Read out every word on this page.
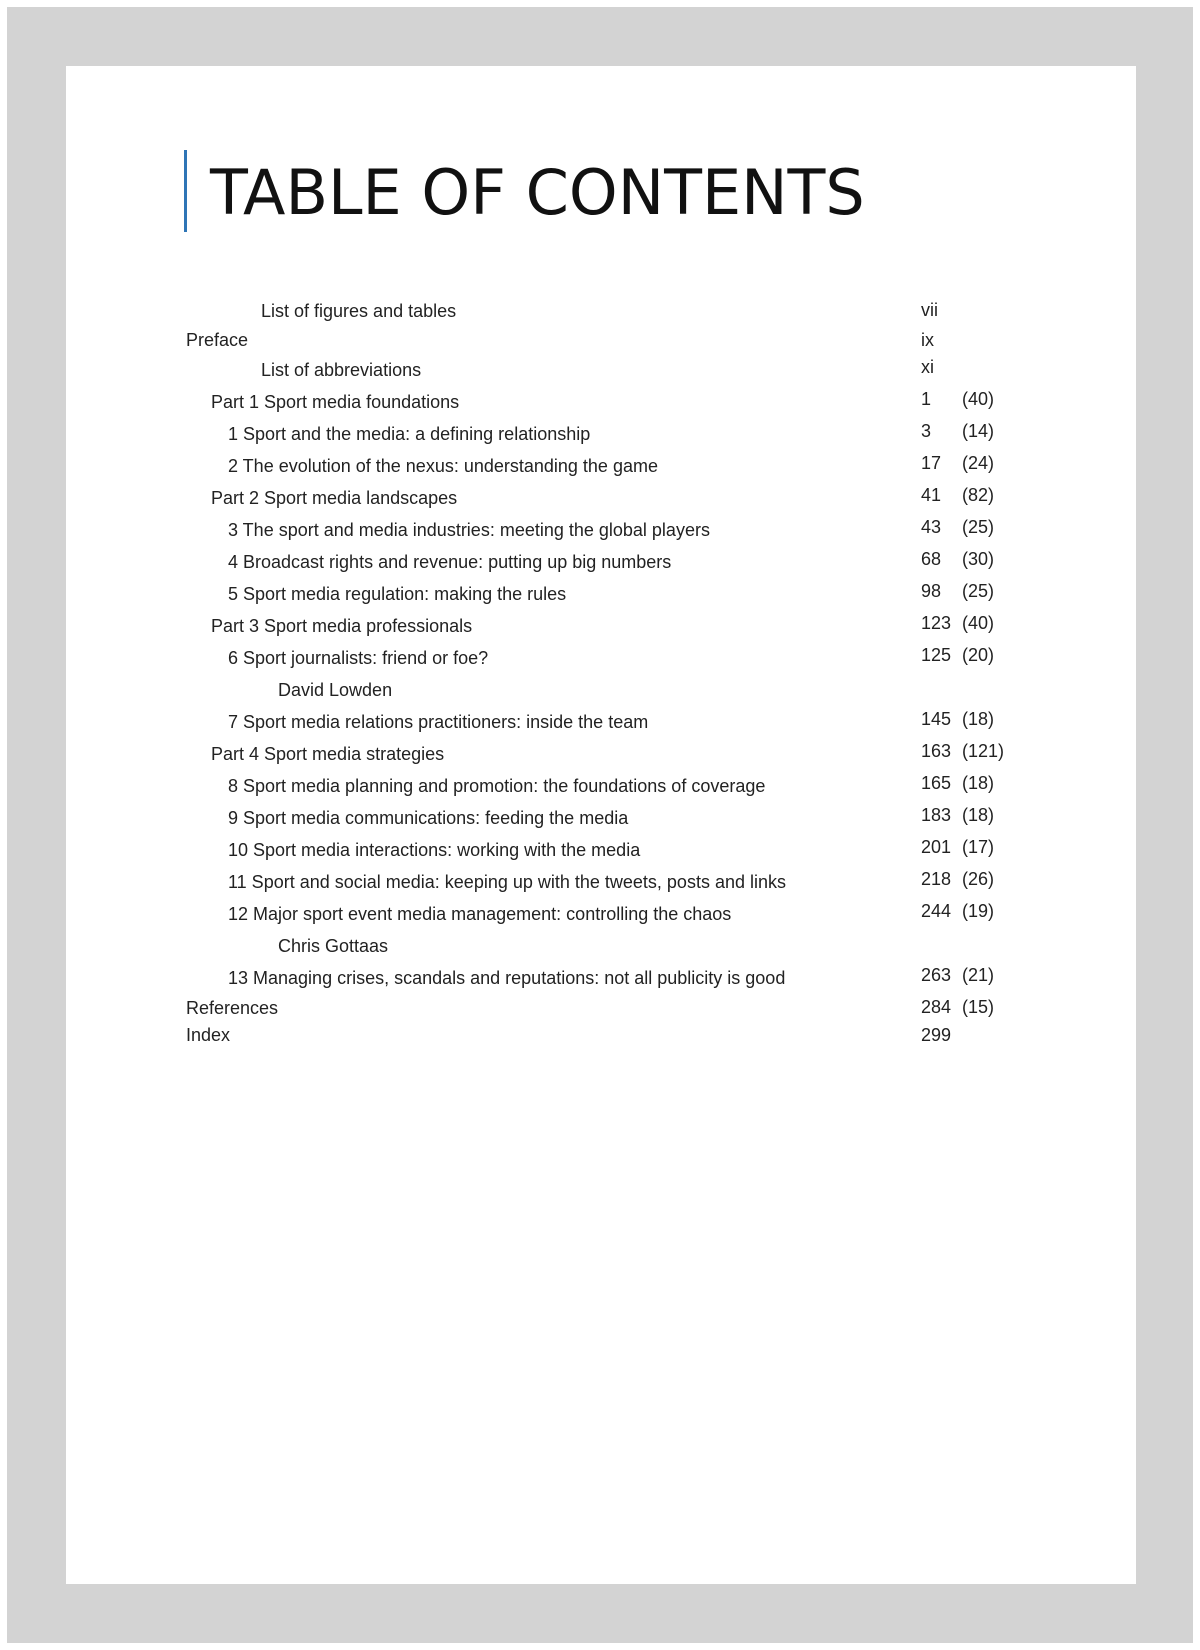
TABLE OF CONTENTS
List of figures and tables	vii
Preface	ix
List of abbreviations	xi
Part 1 Sport media foundations	1 (40)
1 Sport and the media: a defining relationship	3 (14)
2 The evolution of the nexus: understanding the game	17 (24)
Part 2 Sport media landscapes	41 (82)
3 The sport and media industries: meeting the global players	43 (25)
4 Broadcast rights and revenue: putting up big numbers	68 (30)
5 Sport media regulation: making the rules	98 (25)
Part 3 Sport media professionals	123 (40)
6 Sport journalists: friend or foe?	125 (20)
David Lowden
7 Sport media relations practitioners: inside the team	145 (18)
Part 4 Sport media strategies	163 (121)
8 Sport media planning and promotion: the foundations of coverage	165 (18)
9 Sport media communications: feeding the media	183 (18)
10 Sport media interactions: working with the media	201 (17)
11 Sport and social media: keeping up with the tweets, posts and links	218 (26)
12 Major sport event media management: controlling the chaos	244 (19)
Chris Gottaas
13 Managing crises, scandals and reputations: not all publicity is good	263 (21)
References	284 (15)
Index	299
